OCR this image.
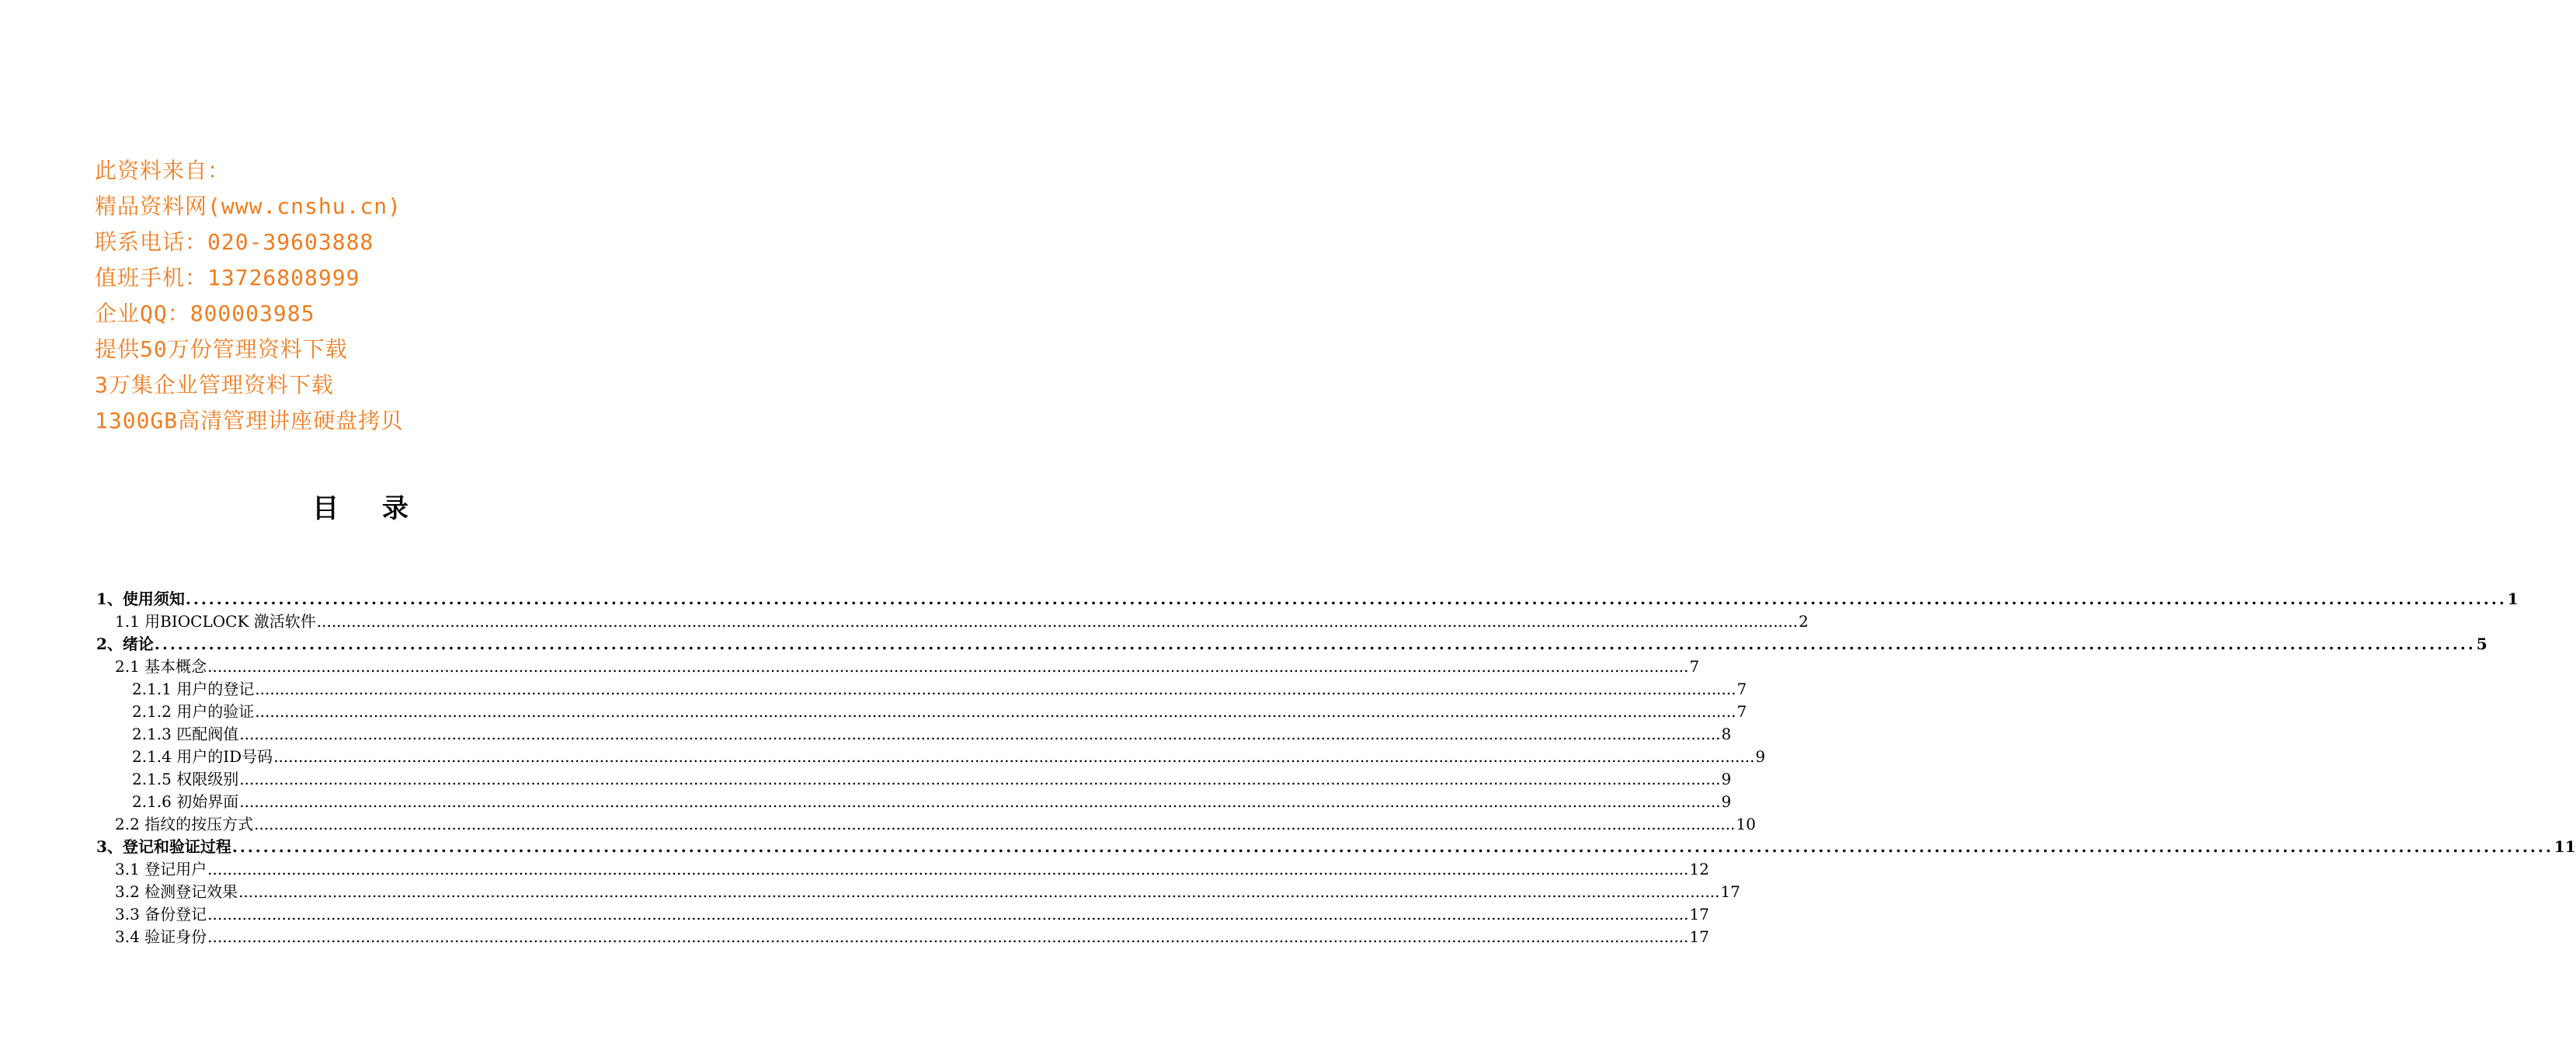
此资料来自：
精品资料网(www.cnshu.cn)
联系电话：020-39603888
值班手机：13726808999
企业QQ：800003985
提供50万份管理资料下载
3万集企业管理资料下载
1300GB高清管理讲座硬盘拷贝
目 录
1、使用须知 ............................................................................................................................................................................................................................................................................................................ 1
1.1 用BIOCLOCK 激活软件 ............................................................................................................................................................................................................................................................................................................ 2
2、绪论 ............................................................................................................................................................................................................................................................................................................ 5
2.1 基本概念 ............................................................................................................................................................................................................................................................................................................ 7
2.1.1 用户的登记 ............................................................................................................................................................................................................................................................................................................ 7
2.1.2 用户的验证 ............................................................................................................................................................................................................................................................................................................ 7
2.1.3 匹配阀值 ............................................................................................................................................................................................................................................................................................................ 8
2.1.4 用户的ID号码 ............................................................................................................................................................................................................................................................................................................ 9
2.1.5 权限级别 ............................................................................................................................................................................................................................................................................................................ 9
2.1.6 初始界面 ............................................................................................................................................................................................................................................................................................................ 9
2.2 指纹的按压方式 ............................................................................................................................................................................................................................................................................................................ 10
3、登记和验证过程 ............................................................................................................................................................................................................................................................................................................ 11
3.1 登记用户 ............................................................................................................................................................................................................................................................................................................ 12
3.2 检测登记效果 ............................................................................................................................................................................................................................................................................................................ 17
3.3 备份登记 ............................................................................................................................................................................................................................................................................................................ 17
3.4 验证身份 ............................................................................................................................................................................................................................................................................................................ 17
